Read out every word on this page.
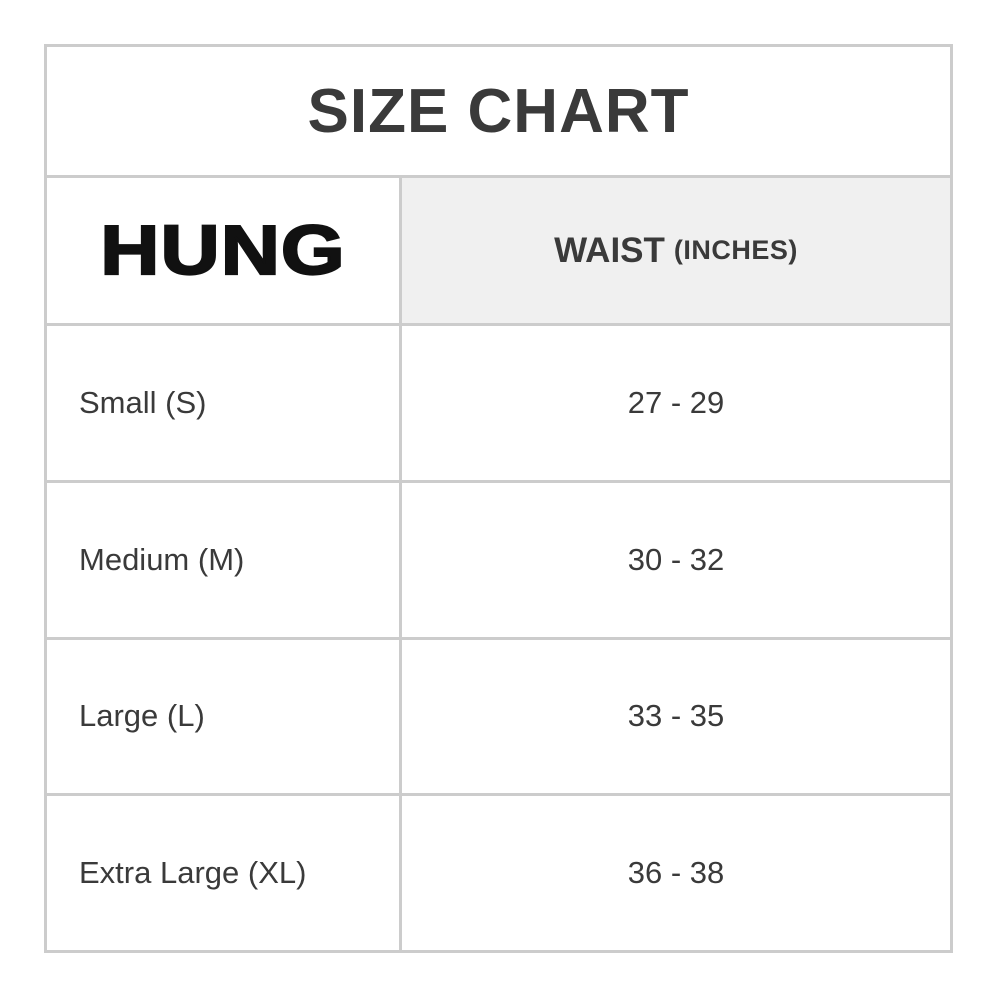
SIZE CHART
HUNG	WAIST (INCHES)
Small (S)	27 - 29
Medium (M)	30 - 32
Large (L)	33 - 35
Extra Large (XL)	36 - 38
